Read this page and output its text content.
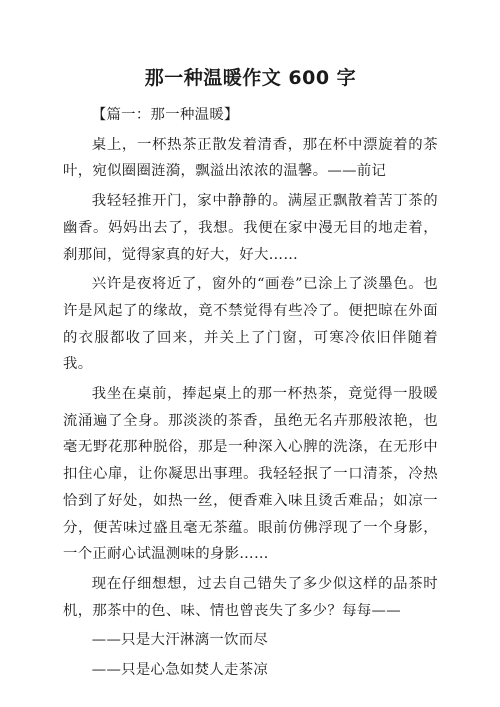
那一种温暖作文 600 字

【篇一：那一种温暖】

桌上，一杯热茶正散发着清香，那在杯中漂旋着的茶叶，宛似圈圈涟漪，飘溢出浓浓的温馨。——前记

我轻轻推开门，家中静静的。满屋正飘散着苦丁茶的幽香。妈妈出去了，我想。我便在家中漫无目的地走着，刹那间，觉得家真的好大，好大……

兴许是夜将近了，窗外的“画卷”已涂上了淡墨色。也许是风起了的缘故，竟不禁觉得有些冷了。便把晾在外面的衣服都收了回来，并关上了门窗，可寒冷依旧伴随着我。

我坐在桌前，捧起桌上的那一杯热茶，竟觉得一股暖流涌遍了全身。那淡淡的茶香，虽绝无名卉那般浓艳，也毫无野花那种脱俗，那是一种深入心脾的洗涤，在无形中扣住心扉，让你凝思出事理。我轻轻抿了一口清茶，冷热恰到了好处，如热一丝，便香难入味且烫舌难品；如凉一分，便苦味过盛且毫无茶蕴。眼前仿佛浮现了一个身影，一个正耐心试温测味的身影……

现在仔细想想，过去自己错失了多少似这样的品茶时机，那茶中的色、味、情也曾丧失了多少？每每——

——只是大汗淋漓一饮而尽

——只是心急如焚人走茶凉
